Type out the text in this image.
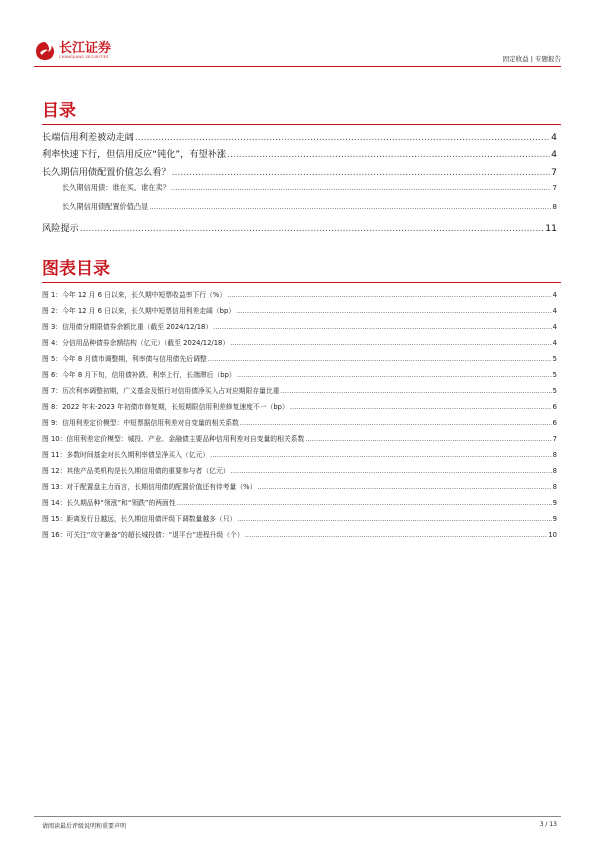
长江证券
CHANGJIANG SECURITIES	固定收益 | 专题报告
目录
长端信用利差被动走阔 .....	4
利率快速下行，但信用反应“钝化”，有望补涨 .....	4
长久期信用债配置价值怎么看？ .....	7
长久期信用债：谁在买、谁在卖？ .....	7
长久期信用债配置价值凸显 .....	8
风险提示 .....	11
图表目录
图 1：今年 12 月 6 日以来，长久期中短票收益率下行（%） .....	4
图 2：今年 12 月 6 日以来，长久期中短票信用利差走阔（bp） .....	4
图 3：信用债分期限债券余额比重（截至 2024/12/18） .....	4
图 4：分信用品种债券余额结构（亿元）（截至 2024/12/18） .....	4
图 5：今年 8 月债市调整期，利率债与信用债先后调整 .....	5
图 6：今年 8 月下旬，信用债补跌、利率上行，长端滞后（bp） .....	5
图 7：历次利率调整初期，广义基金及银行对信用债净买入占对应期限存量比重 .....	5
图 8：2022 年末-2023 年初债市修复期，长短期限信用利差修复速度不一（bp） .....	6
图 9：信用利差定价模型：中短票据信用利差对自变量的相关系数 .....	6
图 10：信用利差定价模型：城投、产业、金融债主要品种信用利差对自变量的相关系数 .....	7
图 11：多数时间基金对长久期利率债呈净买入（亿元） .....	8
图 12：其他产品类机构是长久期信用债的重要参与者（亿元） .....	8
图 13：对于配置盘主力而言，长期信用债的配置价值还有待考量（%） .....	8
图 14：长久期品种“领涨”和“领跌”的两面性 .....	9
图 15：距离发行日越远，长久期信用债评级下调数量越多（只） .....	9
图 16：可关注“攻守兼备”的超长城投债：“退平台”进程升级（个） .....	10
请阅读最后评级说明和重要声明	3 / 13
